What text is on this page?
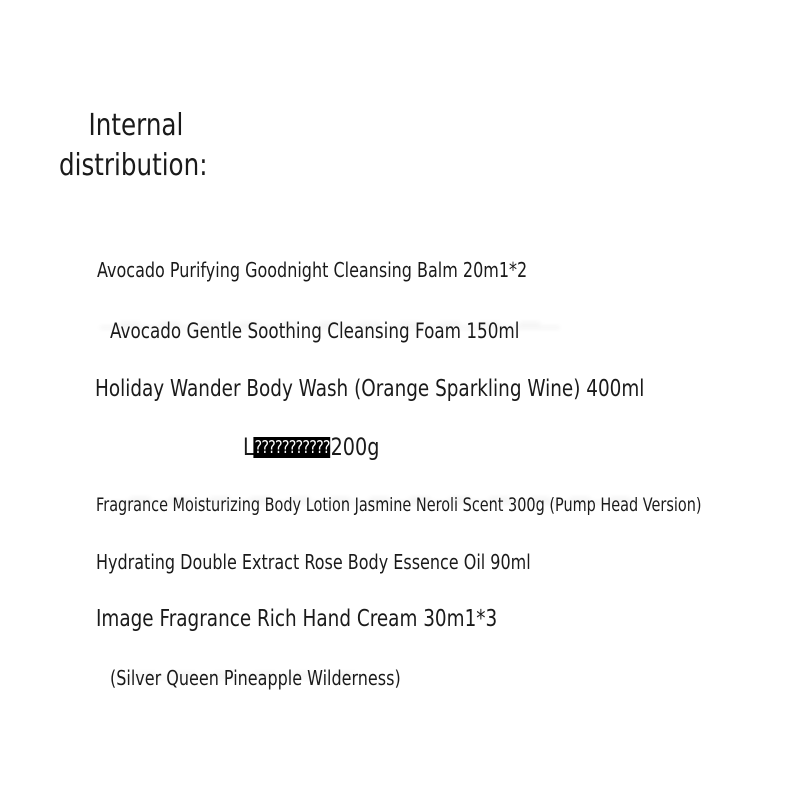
Internal
distribution:
Avocado Purifying Goodnight Cleansing Balm 20m1*2
Avocado Gentle Soothing Cleansing Foam 150ml
Holiday Wander Body Wash (Orange Sparkling Wine) 400ml
L???????????200g
Fragrance Moisturizing Body Lotion Jasmine Neroli Scent 300g (Pump Head Version)
Hydrating Double Extract Rose Body Essence Oil 90ml
Image Fragrance Rich Hand Cream 30m1*3
(Silver Queen Pineapple Wilderness)
